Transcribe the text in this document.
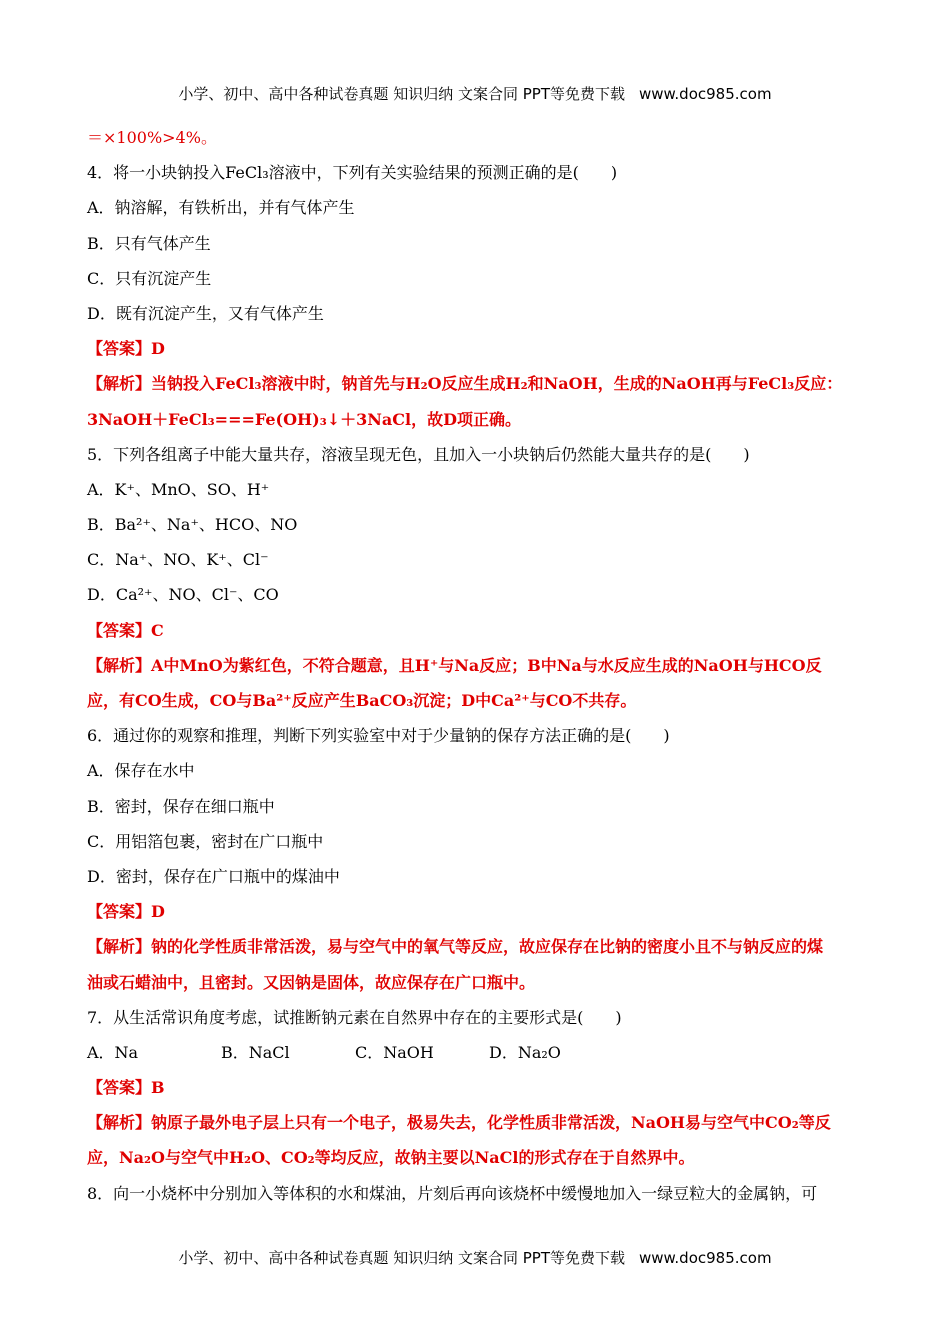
小学、初中、高中各种试卷真题 知识归纳 文案合同 PPT等免费下载 www.doc985.com
＝×100%>4%。
4．将一小块钠投入FeCl₃溶液中，下列有关实验结果的预测正确的是(　　)
A．钠溶解，有铁析出，并有气体产生
B．只有气体产生
C．只有沉淀产生
D．既有沉淀产生，又有气体产生
【答案】D
【解析】当钠投入FeCl₃溶液中时，钠首先与H₂O反应生成H₂和NaOH，生成的NaOH再与FeCl₃反应：
3NaOH＋FeCl₃===Fe(OH)₃↓＋3NaCl，故D项正确。
5．下列各组离子中能大量共存，溶液呈现无色，且加入一小块钠后仍然能大量共存的是(　　)
A．K⁺、MnO、SO、H⁺
B．Ba²⁺、Na⁺、HCO、NO
C．Na⁺、NO、K⁺、Cl⁻
D．Ca²⁺、NO、Cl⁻、CO
【答案】C
【解析】A中MnO为紫红色，不符合题意，且H⁺与Na反应；B中Na与水反应生成的NaOH与HCO反
应，有CO生成，CO与Ba²⁺反应产生BaCO₃沉淀；D中Ca²⁺与CO不共存。
6．通过你的观察和推理，判断下列实验室中对于少量钠的保存方法正确的是(　　)
A．保存在水中
B．密封，保存在细口瓶中
C．用铝箔包裹，密封在广口瓶中
D．密封，保存在广口瓶中的煤油中
【答案】D
【解析】钠的化学性质非常活泼，易与空气中的氧气等反应，故应保存在比钠的密度小且不与钠反应的煤
油或石蜡油中，且密封。又因钠是固体，故应保存在广口瓶中。
7．从生活常识角度考虑，试推断钠元素在自然界中存在的主要形式是(　　)
A．Na	B．NaCl	C．NaOH	D．Na₂O
【答案】B
【解析】钠原子最外电子层上只有一个电子，极易失去，化学性质非常活泼，NaOH易与空气中CO₂等反
应，Na₂O与空气中H₂O、CO₂等均反应，故钠主要以NaCl的形式存在于自然界中。
8．向一小烧杯中分别加入等体积的水和煤油，片刻后再向该烧杯中缓慢地加入一绿豆粒大的金属钠，可
小学、初中、高中各种试卷真题 知识归纳 文案合同 PPT等免费下载 www.doc985.com
